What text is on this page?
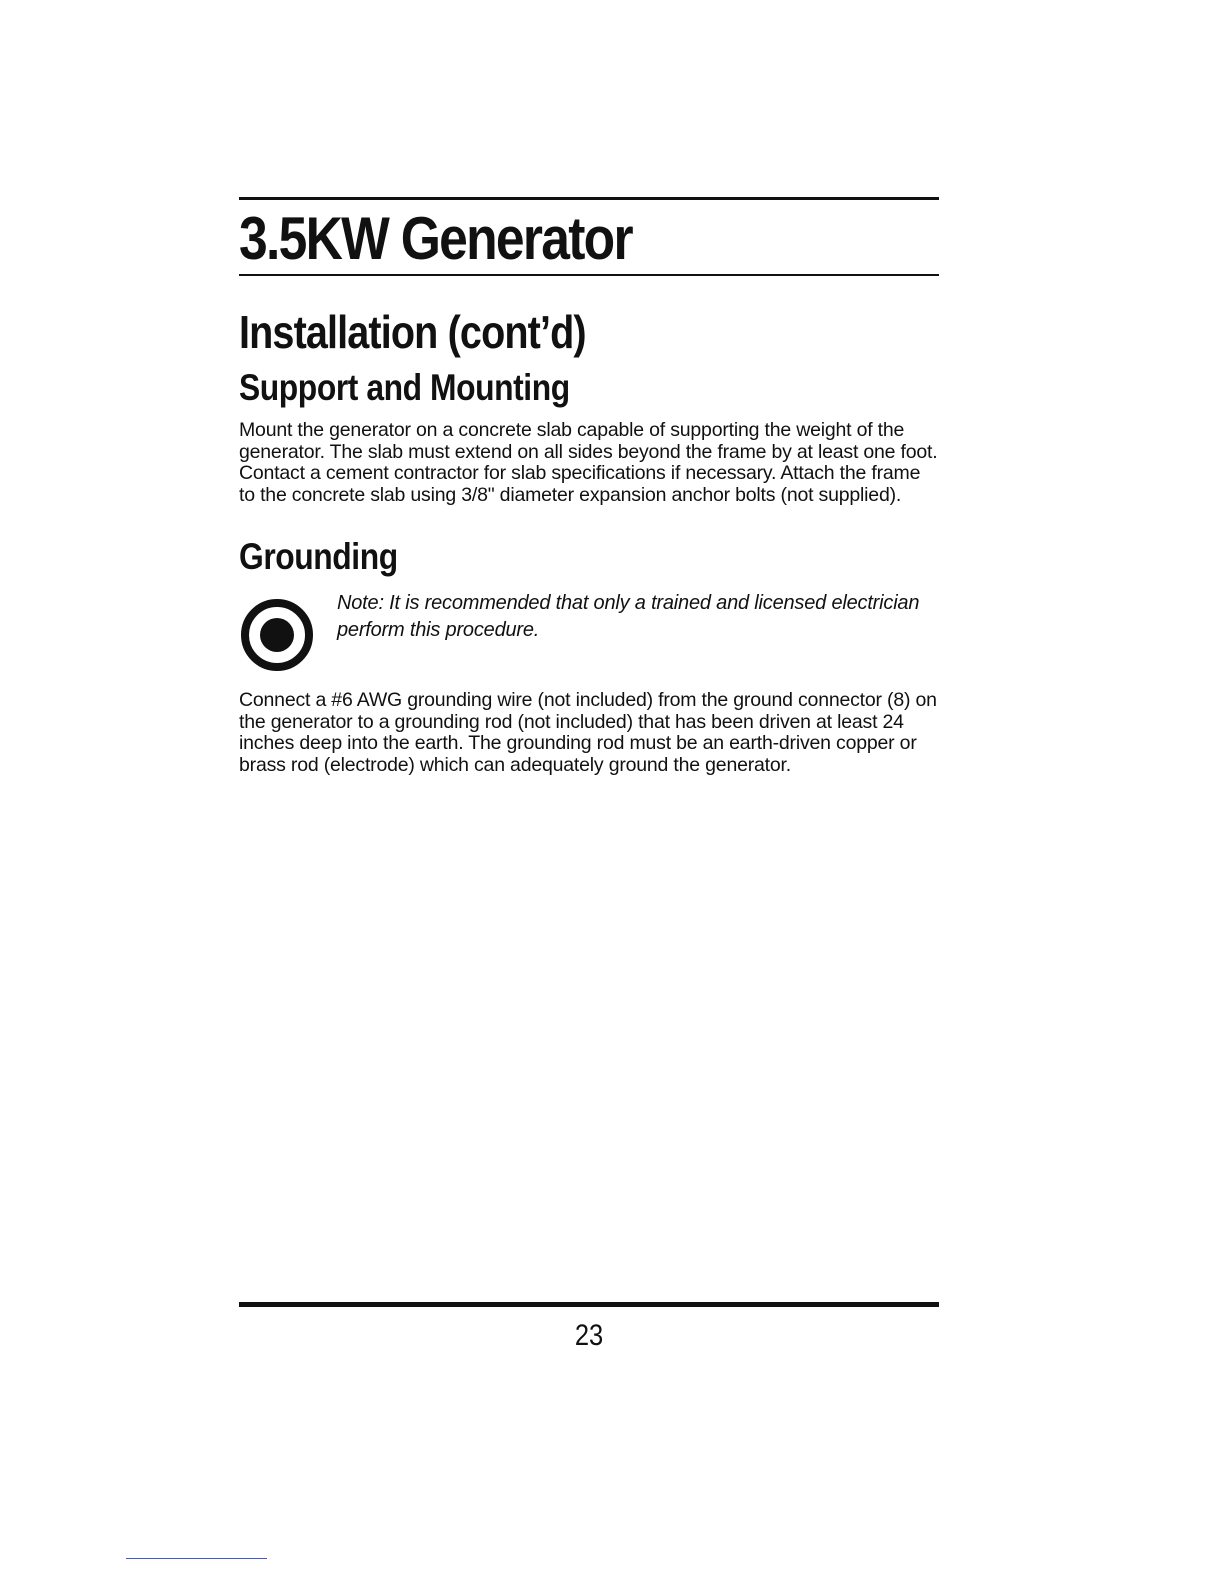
3.5KW Generator
Installation (cont’d)
Support and Mounting

Mount the generator on a concrete slab capable of supporting the weight of the generator. The slab must extend on all sides beyond the frame by at least one foot. Contact a cement contractor for slab specifications if necessary. Attach the frame to the concrete slab using 3/8" diameter expansion anchor bolts (not supplied).

Grounding

Note: It is recommended that only a trained and licensed electrician perform this procedure.

Connect a #6 AWG grounding wire (not included) from the ground connector (8) on the generator to a grounding rod (not included) that has been driven at least 24 inches deep into the earth. The grounding rod must be an earth-driven copper or brass rod (electrode) which can adequately ground the generator.

23
